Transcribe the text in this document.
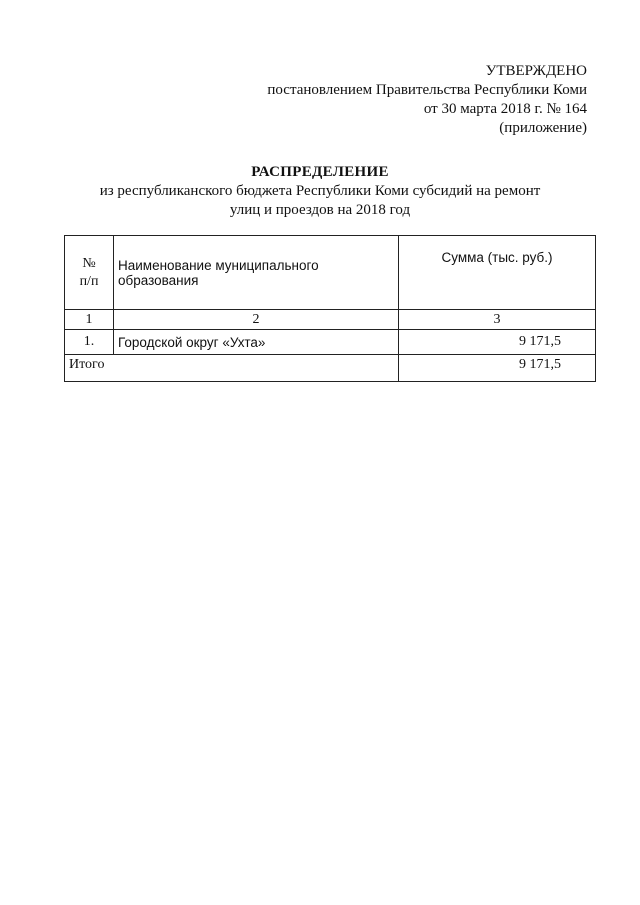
УТВЕРЖДЕНО
постановлением Правительства Республики Коми
от 30 марта 2018 г. № 164
(приложение)
РАСПРЕДЕЛЕНИЕ
из республиканского бюджета Республики Коми субсидий на ремонт
улиц и проездов на 2018 год
№
п/п	Наименование муниципального образования	Сумма (тыс. руб.)
1	2	3
1.	Городской округ «Ухта»	9 171,5
Итого		9 171,5
